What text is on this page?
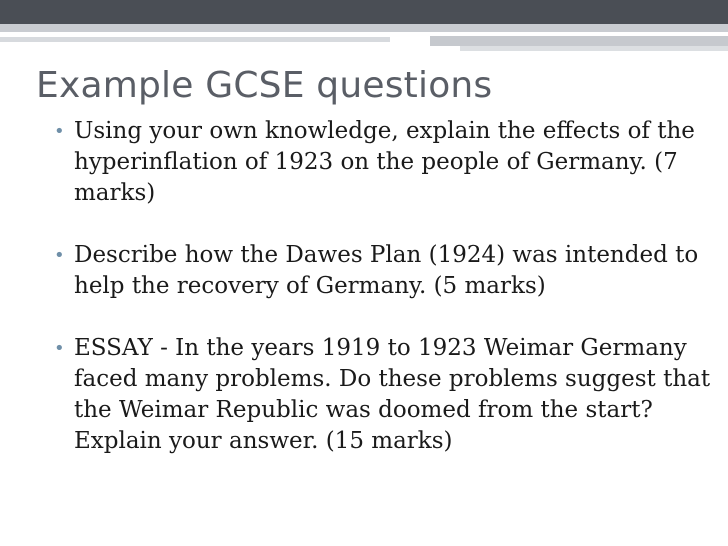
Example GCSE questions
• Using your own knowledge, explain the effects of the hyperinflation of 1923 on the people of Germany. (7 marks)
• Describe how the Dawes Plan (1924) was intended to help the recovery of Germany. (5 marks)
• ESSAY - In the years 1919 to 1923 Weimar Germany faced many problems. Do these problems suggest that the Weimar Republic was doomed from the start? Explain your answer. (15 marks)
